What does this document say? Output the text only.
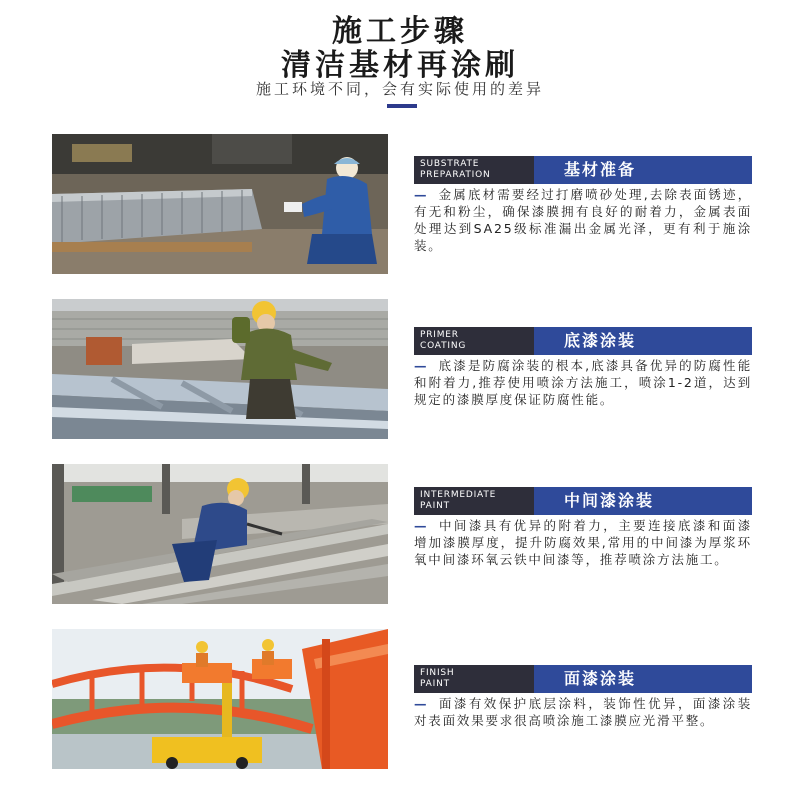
施工步骤
清洁基材再涂刷
施工环境不同，会有实际使用的差异
SUBSTRATE
PREPARATION	基材准备
— 金属底材需要经过打磨喷砂处理,去除表面锈迹，有无和粉尘，确保漆膜拥有良好的耐着力，金属表面处理达到SA25级标准漏出金属光泽，更有利于施涂装。
PRIMER
COATING	底漆涂装
— 底漆是防腐涂装的根本,底漆具备优异的防腐性能和附着力,推荐使用喷涂方法施工，喷涂1-2道，达到规定的漆膜厚度保证防腐性能。
INTERMEDIATE
PAINT	中间漆涂装
— 中间漆具有优异的附着力，主要连接底漆和面漆增加漆膜厚度，提升防腐效果,常用的中间漆为厚浆环氧中间漆环氧云铁中间漆等，推荐喷涂方法施工。
FINISH
PAINT	面漆涂装
— 面漆有效保护底层涂料，装饰性优异，面漆涂装对表面效果要求很高喷涂施工漆膜应光滑平整。
